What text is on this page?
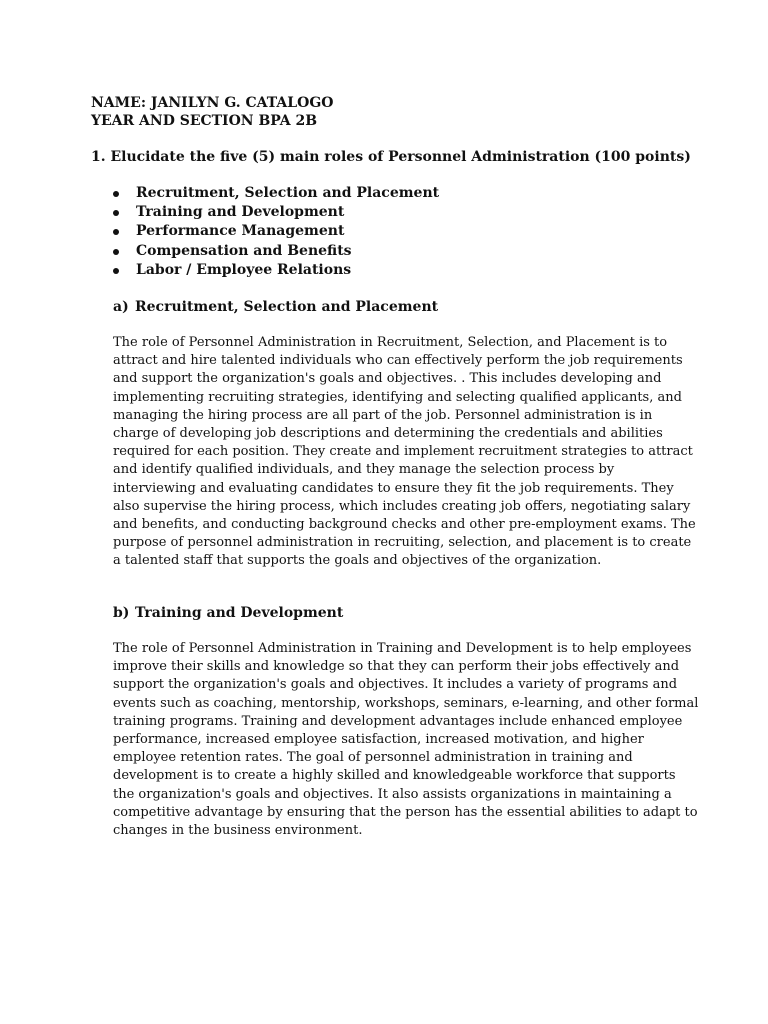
NAME: JANILYN G. CATALOGO
YEAR AND SECTION BPA 2B
1. Elucidate the five (5) main roles of Personnel Administration (100 points)
Recruitment, Selection and Placement
Training and Development
Performance Management
Compensation and Benefits
Labor / Employee Relations
a) Recruitment, Selection and Placement
The role of Personnel Administration in Recruitment, Selection, and Placement is to
attract and hire talented individuals who can effectively perform the job requirements
and support the organization's goals and objectives. . This includes developing and
implementing recruiting strategies, identifying and selecting qualified applicants, and
managing the hiring process are all part of the job. Personnel administration is in
charge of developing job descriptions and determining the credentials and abilities
required for each position. They create and implement recruitment strategies to attract
and identify qualified individuals, and they manage the selection process by
interviewing and evaluating candidates to ensure they fit the job requirements. They
also supervise the hiring process, which includes creating job offers, negotiating salary
and benefits, and conducting background checks and other pre-employment exams. The
purpose of personnel administration in recruiting, selection, and placement is to create
a talented staff that supports the goals and objectives of the organization.
b) Training and Development
The role of Personnel Administration in Training and Development is to help employees
improve their skills and knowledge so that they can perform their jobs effectively and
support the organization's goals and objectives. It includes a variety of programs and
events such as coaching, mentorship, workshops, seminars, e-learning, and other formal
training programs. Training and development advantages include enhanced employee
performance, increased employee satisfaction, increased motivation, and higher
employee retention rates. The goal of personnel administration in training and
development is to create a highly skilled and knowledgeable workforce that supports
the organization's goals and objectives. It also assists organizations in maintaining a
competitive advantage by ensuring that the person has the essential abilities to adapt to
changes in the business environment.
